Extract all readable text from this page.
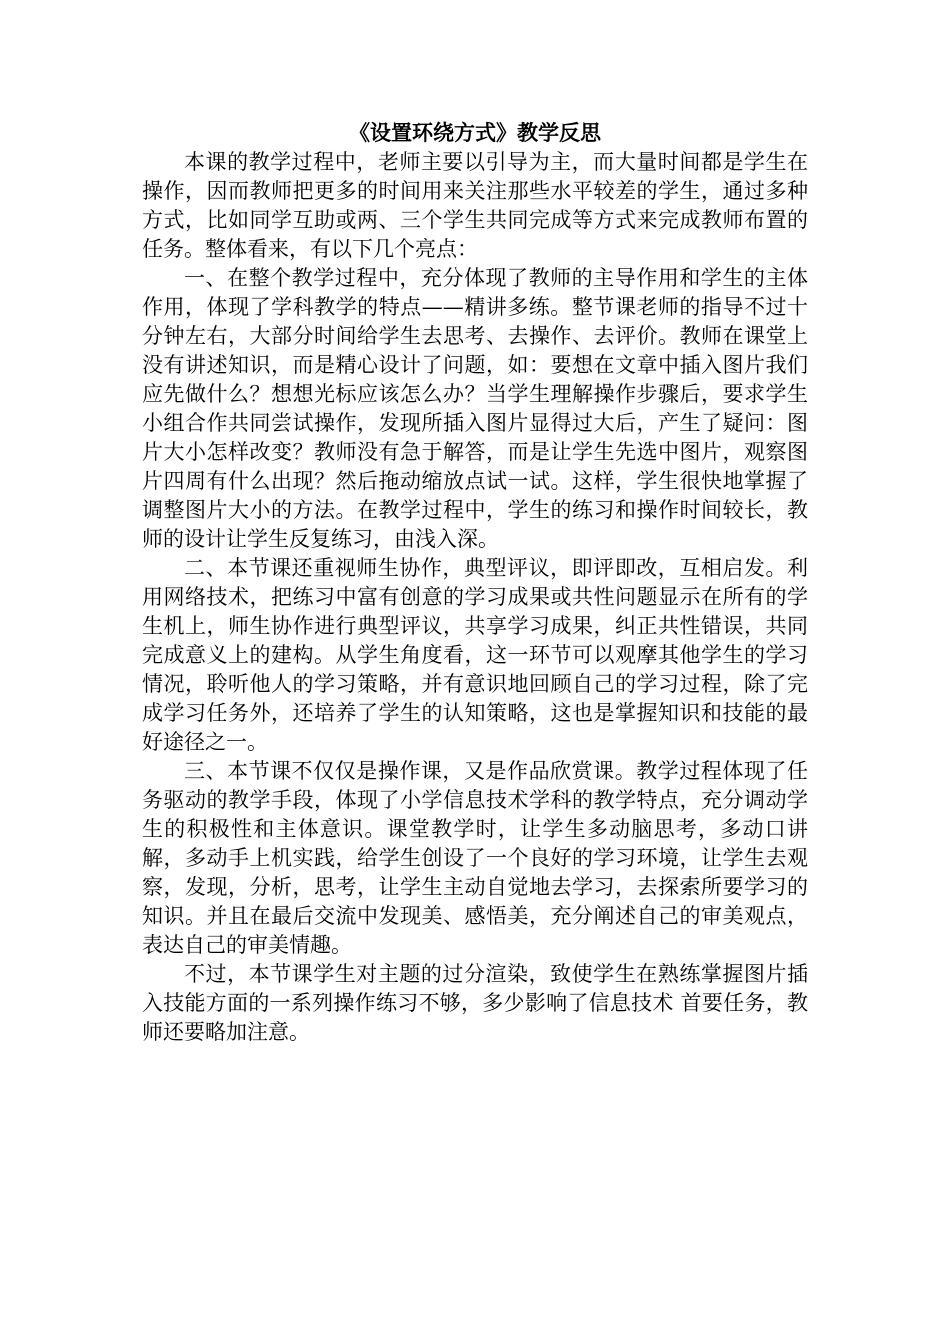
《设置环绕方式》教学反思

本课的教学过程中，老师主要以引导为主，而大量时间都是学生在操作，因而教师把更多的时间用来关注那些水平较差的学生，通过多种方式，比如同学互助或两、三个学生共同完成等方式来完成教师布置的任务。整体看来，有以下几个亮点：

一、在整个教学过程中，充分体现了教师的主导作用和学生的主体作用，体现了学科教学的特点——精讲多练。整节课老师的指导不过十分钟左右，大部分时间给学生去思考、去操作、去评价。教师在课堂上没有讲述知识，而是精心设计了问题，如：要想在文章中插入图片我们应先做什么？想想光标应该怎么办？当学生理解操作步骤后，要求学生小组合作共同尝试操作，发现所插入图片显得过大后，产生了疑问：图片大小怎样改变？教师没有急于解答，而是让学生先选中图片，观察图片四周有什么出现？然后拖动缩放点试一试。这样，学生很快地掌握了调整图片大小的方法。在教学过程中，学生的练习和操作时间较长，教师的设计让学生反复练习，由浅入深。

二、本节课还重视师生协作，典型评议，即评即改，互相启发。利用网络技术，把练习中富有创意的学习成果或共性问题显示在所有的学生机上，师生协作进行典型评议，共享学习成果，纠正共性错误，共同完成意义上的建构。从学生角度看，这一环节可以观摩其他学生的学习情况，聆听他人的学习策略，并有意识地回顾自己的学习过程，除了完成学习任务外，还培养了学生的认知策略，这也是掌握知识和技能的最好途径之一。

三、本节课不仅仅是操作课，又是作品欣赏课。教学过程体现了任务驱动的教学手段，体现了小学信息技术学科的教学特点，充分调动学生的积极性和主体意识。课堂教学时，让学生多动脑思考，多动口讲解，多动手上机实践，给学生创设了一个良好的学习环境，让学生去观察，发现，分析，思考，让学生主动自觉地去学习，去探索所要学习的知识。并且在最后交流中发现美、感悟美，充分阐述自己的审美观点，表达自己的审美情趣。

不过，本节课学生对主题的过分渲染，致使学生在熟练掌握图片插入技能方面的一系列操作练习不够，多少影响了信息技术 首要任务，教师还要略加注意。
